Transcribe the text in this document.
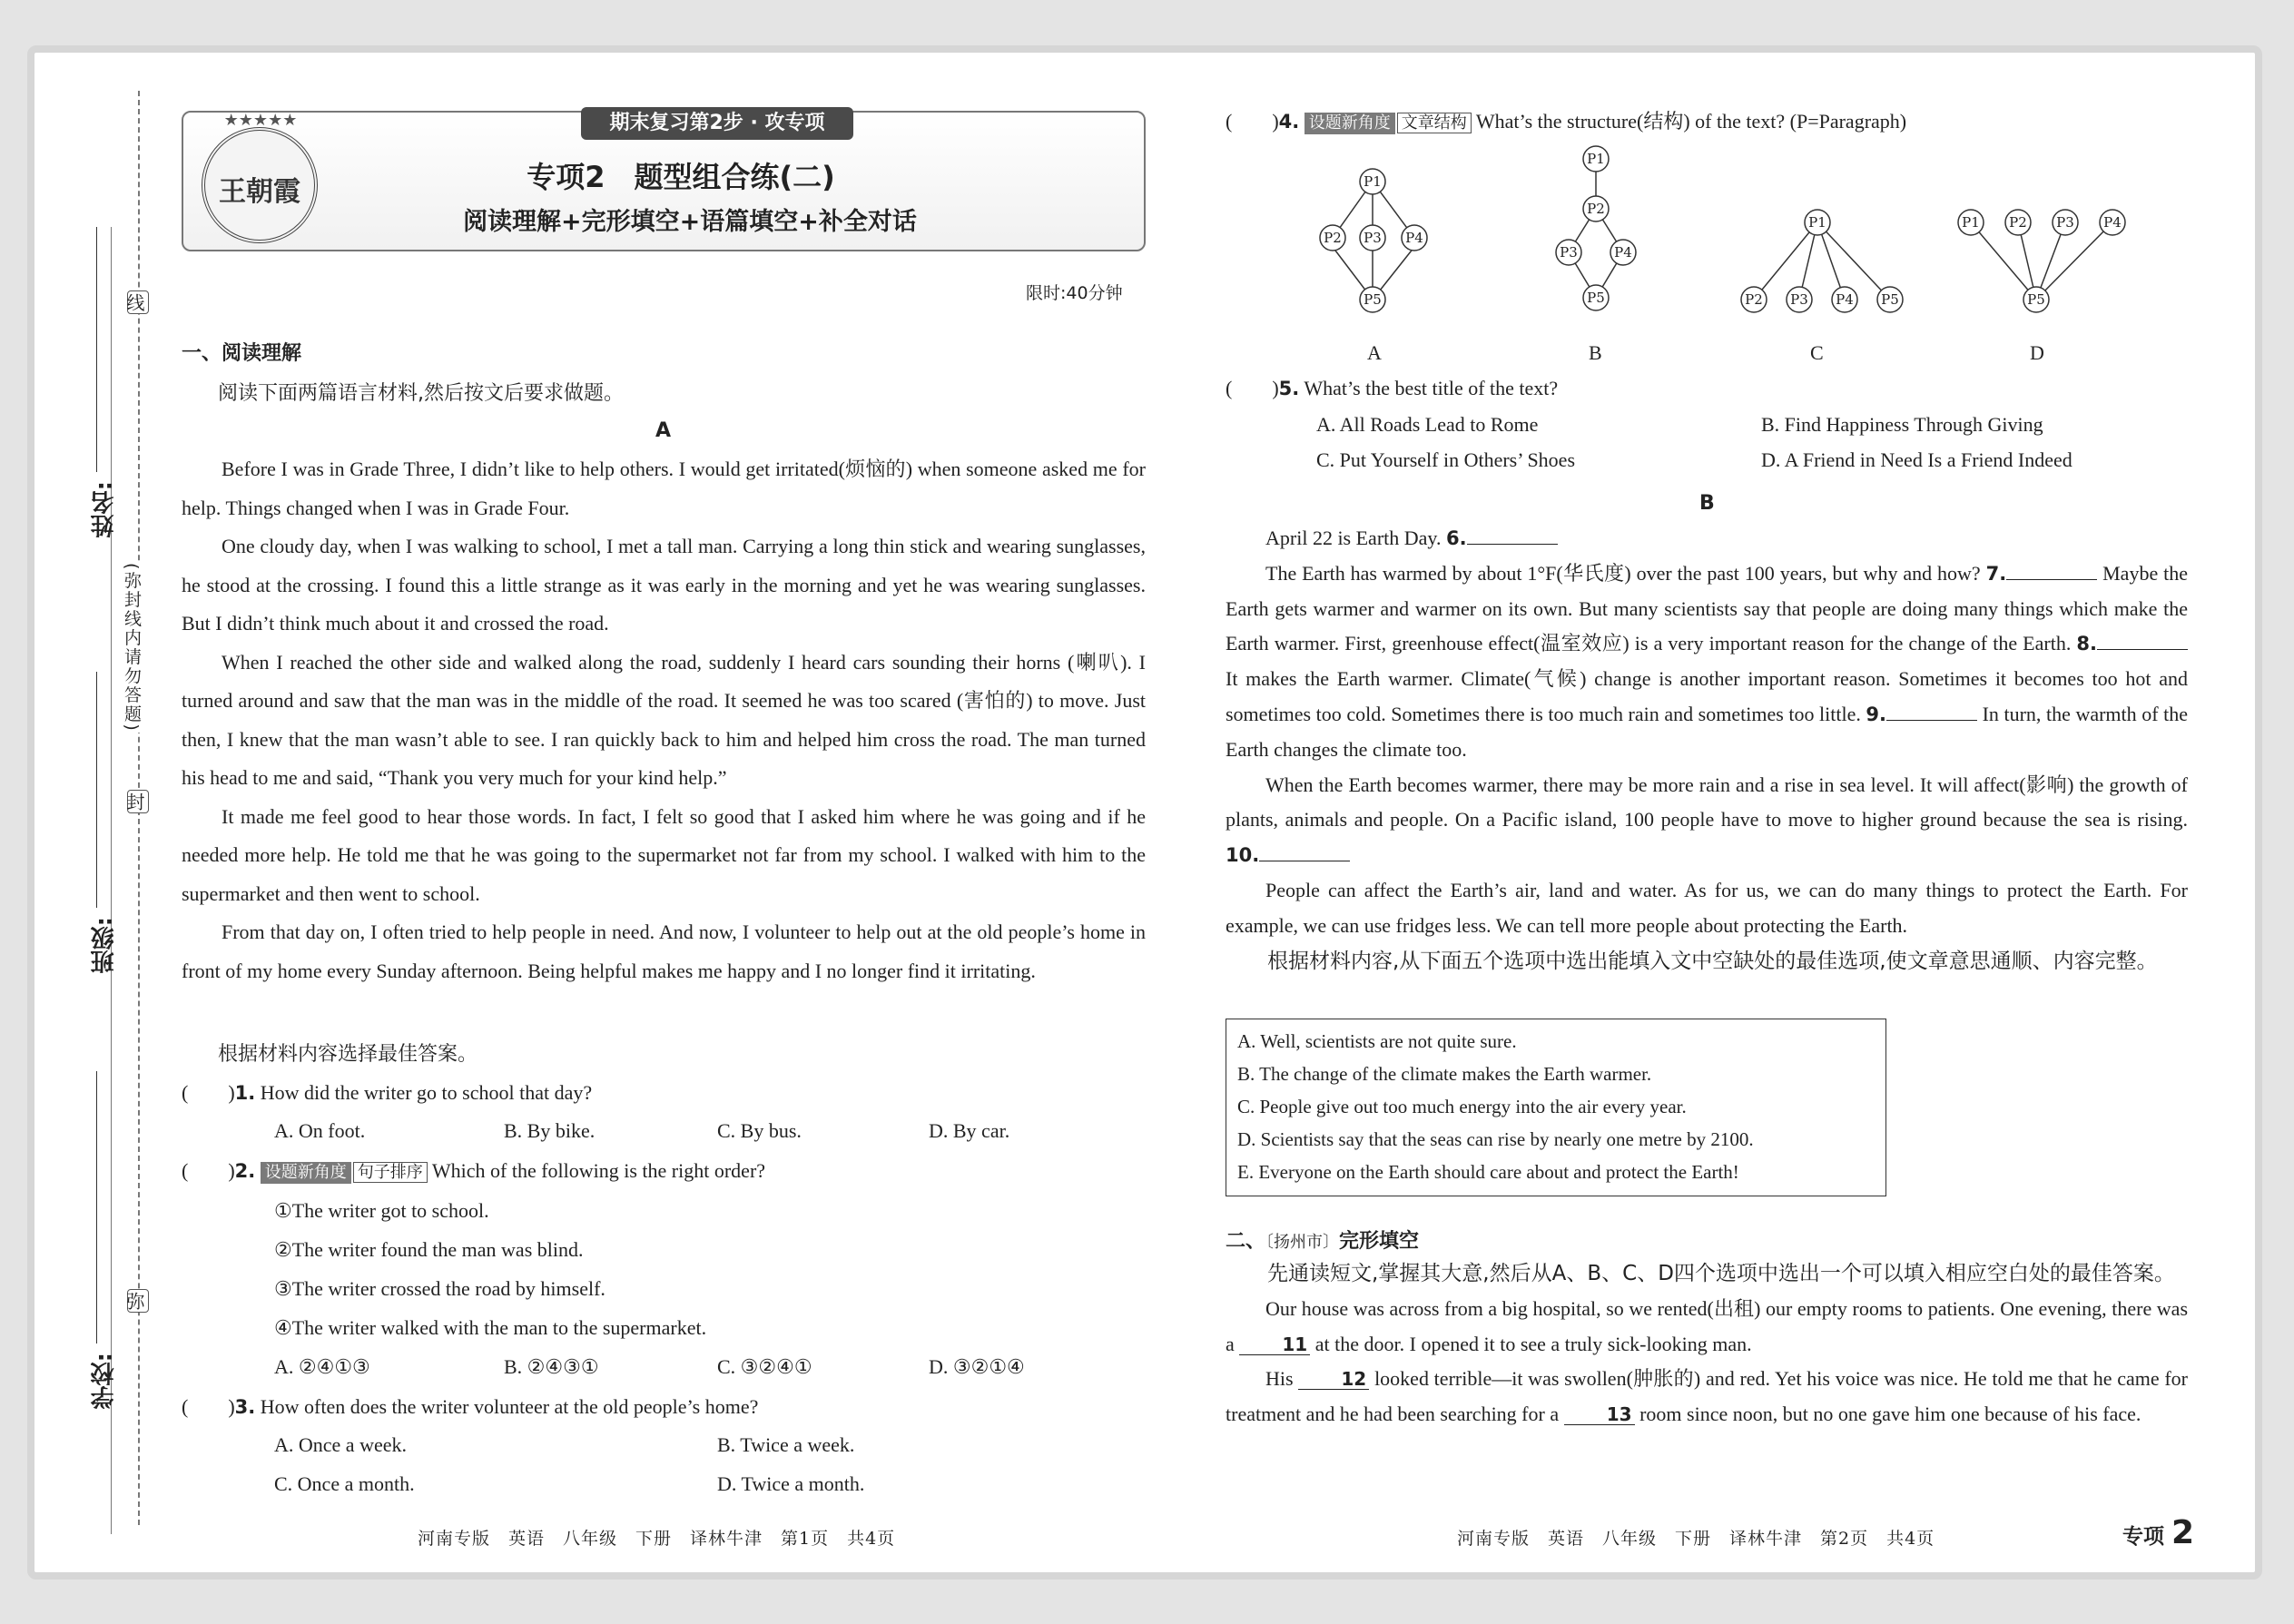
线
封
弥
(弥封线内请勿答题)
姓名:
班级:
学校:
期末复习第2步 · 攻专项
★★★★★
王朝霞	专项2　题型组合练(二)
阅读理解+完形填空+语篇填空+补全对话
限时:40分钟
一、阅读理解
阅读下面两篇语言材料,然后按文后要求做题。
A

Before I was in Grade Three, I didn’t like to help others. I would get irritated(烦恼的) when someone asked me for help. Things changed when I was in Grade Four.

One cloudy day, when I was walking to school, I met a tall man. Carrying a long thin stick and wearing sunglasses, he stood at the crossing. I found this a little strange as it was early in the morning and yet he was wearing sunglasses. But I didn’t think much about it and crossed the road.

When I reached the other side and walked along the road, suddenly I heard cars sounding their horns (喇叭). I turned around and saw that the man was in the middle of the road. It seemed he was too scared (害怕的) to move. Just then, I knew that the man wasn’t able to see. I ran quickly back to him and helped him cross the road. The man turned his head to me and said, “Thank you very much for your kind help.”

It made me feel good to hear those words. In fact, I felt so good that I asked him where he was going and if he needed more help. He told me that he was going to the supermarket not far from my school. I walked with him to the supermarket and then went to school.

From that day on, I often tried to help people in need. And now, I volunteer to help out at the old people’s home in front of my home every Sunday afternoon. Being helpful makes me happy and I no longer find it irritating.

根据材料内容选择最佳答案。
(　　)1. How did the writer go to school that day?
A. On foot.	B. By bike.	C. By bus.	D. By car.
(　　)2. 设题新角度 句子排序 Which of the following is the right order?
①The writer got to school.
②The writer found the man was blind.
③The writer crossed the road by himself.
④The writer walked with the man to the supermarket.
A. ②④①③	B. ②④③①	C. ③②④①	D. ③②①④
(　　)3. How often does the writer volunteer at the old people’s home?
A. Once a week.	B. Twice a week.
C. Once a month.	D. Twice a month.
河南专版　英语　八年级　下册　译林牛津　第1页　共4页
(　　)4. 设题新角度 文章结构 What’s the structure(结构) of the text? (P=Paragraph)
P1
P2 P3 P4
P5
P1
P2
P3	P4
P5
P1
P2 P3 P4 P5
P1 P2 P3 P4
P5
A	B	C	D
(　　)5. What’s the best title of the text?
A. All Roads Lead to Rome	B. Find Happiness Through Giving
C. Put Yourself in Others’ Shoes	D. A Friend in Need Is a Friend Indeed
B

April 22 is Earth Day. 6.

The Earth has warmed by about 1°F(华氏度) over the past 100 years, but why and how? 7.	Maybe the Earth gets warmer and warmer on its own. But many scientists say that people are doing many things which make the Earth warmer. First, greenhouse effect(温室效应) is a very important reason for the change of the Earth. 8. It makes the Earth warmer. Climate(气候) change is another important reason. Sometimes it becomes too hot and sometimes too cold. Sometimes there is too much rain and sometimes too little. 9.	In turn, the warmth of the Earth changes the climate too.

When the Earth becomes warmer, there may be more rain and a rise in sea level. It will affect(影响) the growth of plants, animals and people. On a Pacific island, 100 people have to move to higher ground because the sea is rising. 10.

People can affect the Earth’s air, land and water. As for us, we can do many things to protect the Earth. For example, we can use fridges less. We can tell more people about protecting the Earth.

根据材料内容,从下面五个选项中选出能填入文中空缺处的最佳选项,使文章意思通顺、内容完整。

A. Well, scientists are not quite sure.
B. The change of the climate makes the Earth warmer.
C. People give out too much energy into the air every year.
D. Scientists say that the seas can rise by nearly one metre by 2100.
E. Everyone on the Earth should care about and protect the Earth!
二、〔扬州市〕完形填空

先通读短文,掌握其大意,然后从A、B、C、D四个选项中选出一个可以填入相应空白处的最佳答案。

Our house was across from a big hospital, so we rented(出租) our empty rooms to patients. One evening, there was a	11 at the door. I opened it to see a truly sick-looking man.

His	12 looked terrible—it was swollen(肿胀的) and red. Yet his voice was nice. He told me that he came for treatment and he had been searching for a	13 room since noon, but no one gave him one because of his face.

河南专版　英语　八年级　下册　译林牛津　第2页　共4页	专项 2
